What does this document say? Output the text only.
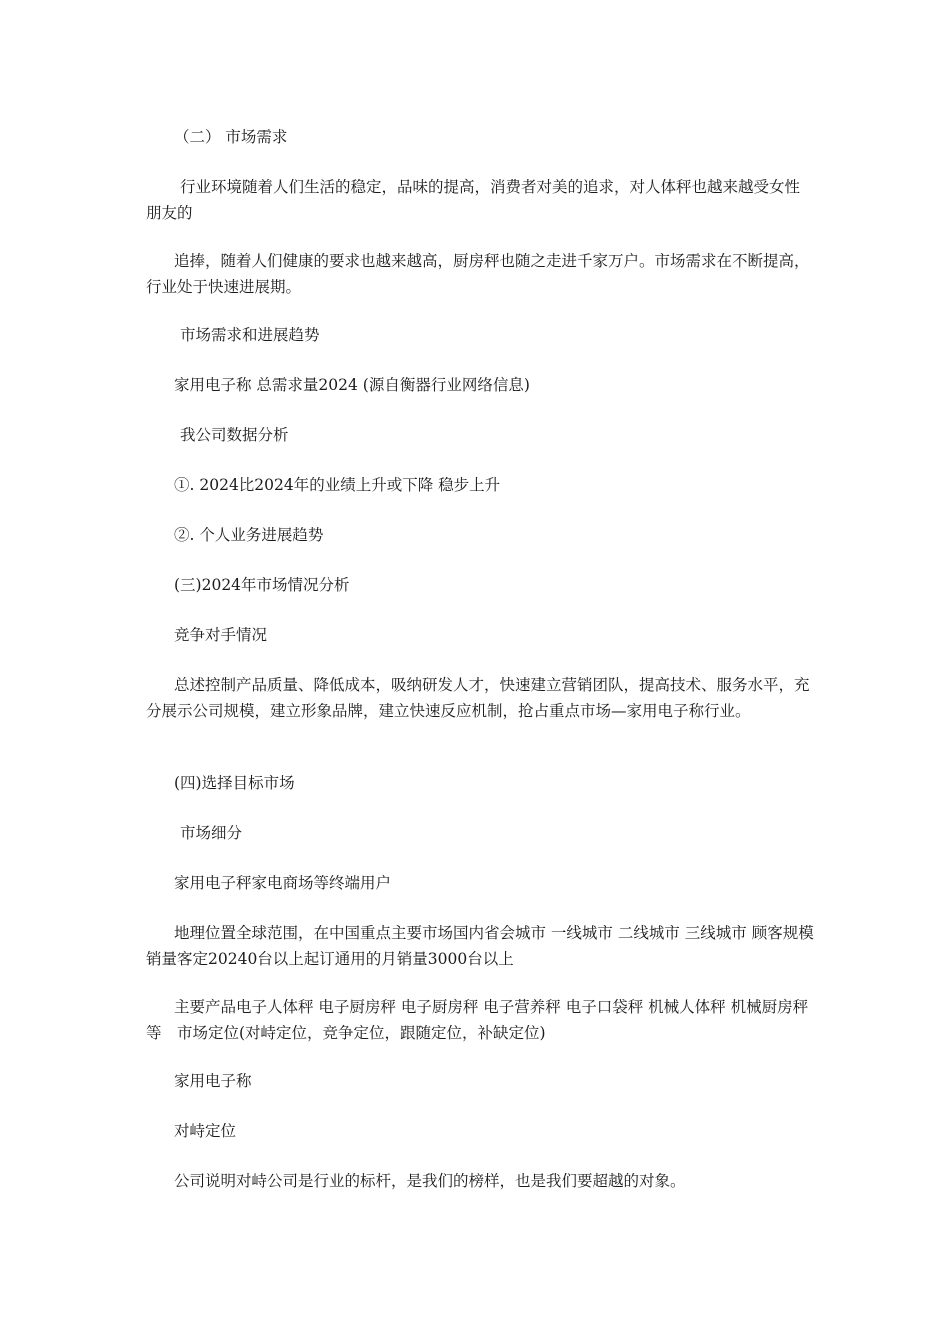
（二） 市场需求

行业环境随着人们生活的稳定，品味的提高，消费者对美的追求，对人体秤也越来越受女性朋友的

追捧，随着人们健康的要求也越来越高，厨房秤也随之走进千家万户。市场需求在不断提高，行业处于快速进展期。

市场需求和进展趋势

家用电子称 总需求量2024 (源自衡器行业网络信息)

我公司数据分析

①. 2024比2024年的业绩上升或下降 稳步上升

②. 个人业务进展趋势

(三)2024年市场情况分析

竞争对手情况

总述控制产品质量、降低成本，吸纳研发人才，快速建立营销团队，提高技术、服务水平，充分展示公司规模，建立形象品牌，建立快速反应机制，抢占重点市场—家用电子称行业。

(四)选择目标市场

市场细分

家用电子秤家电商场等终端用户

地理位置全球范围，在中国重点主要市场国内省会城市 一线城市 二线城市 三线城市 顾客规模销量客定20240台以上起订通用的月销量3000台以上

主要产品电子人体秤 电子厨房秤 电子厨房秤 电子营养秤 电子口袋秤 机械人体秤 机械厨房秤等　市场定位(对峙定位，竞争定位，跟随定位，补缺定位)

家用电子称

对峙定位

公司说明对峙公司是行业的标杆，是我们的榜样，也是我们要超越的对象。
